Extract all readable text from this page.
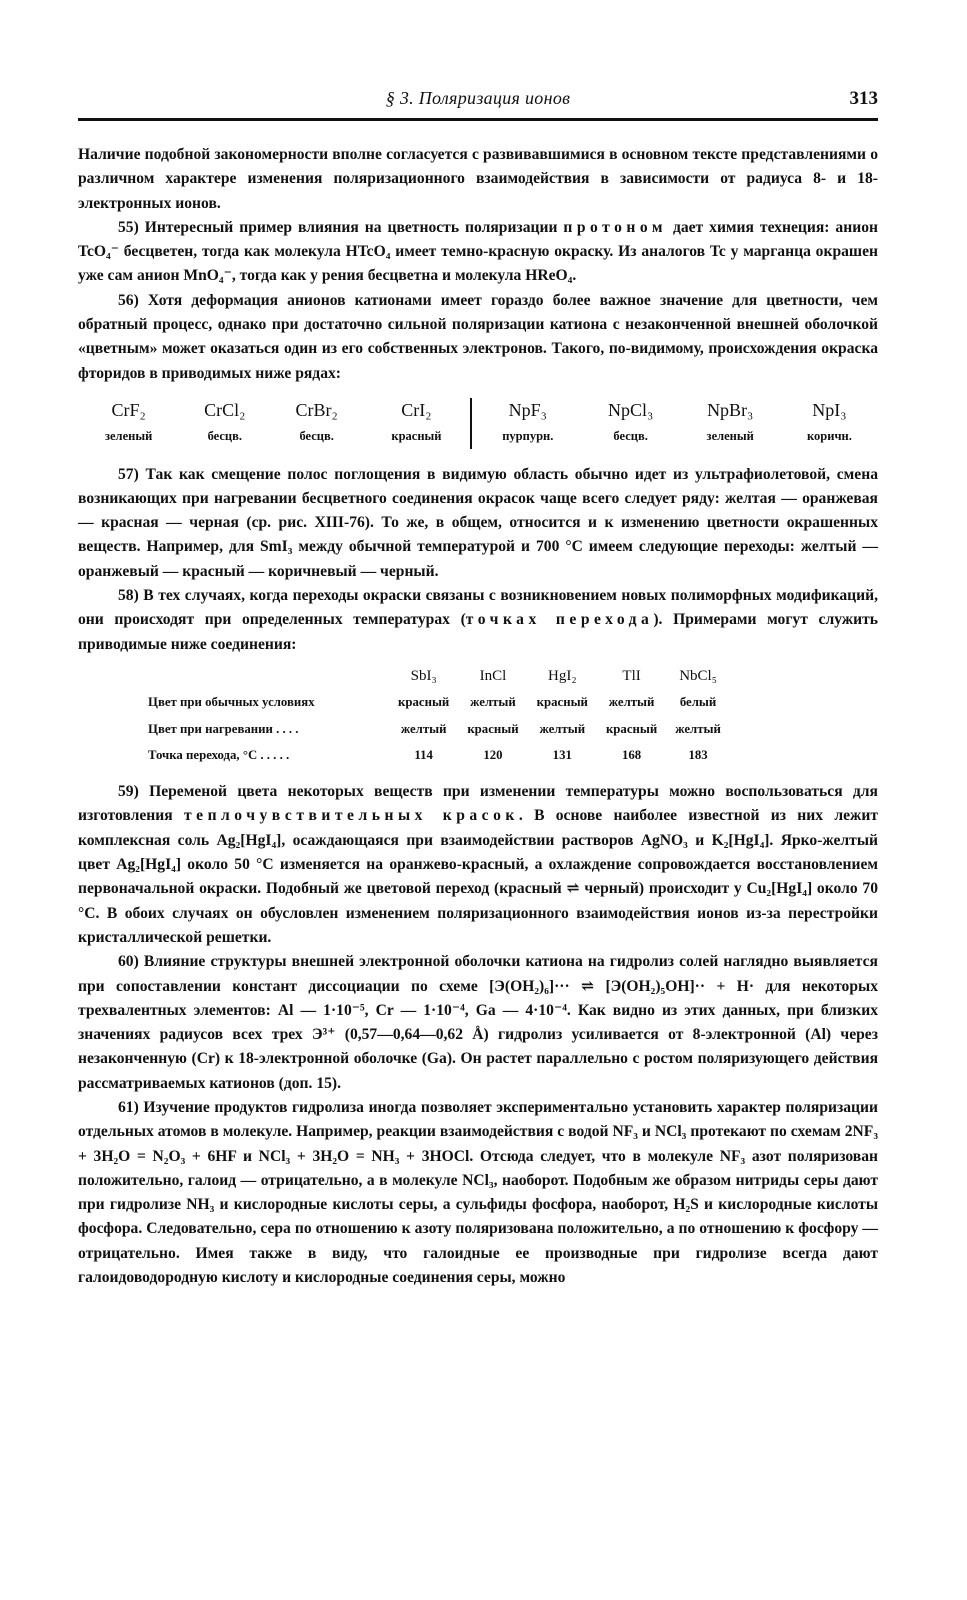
§ 3. Поляризация ионов	313

Наличие подобной закономерности вполне согласуется с развивавшимися в основном тексте представлениями о различном характере изменения поляризационного взаимодействия в зависимости от радиуса 8- и 18-электронных ионов.

55) Интересный пример влияния на цветность поляризации протоном дает химия технеция: анион TcO₄⁻ бесцветен, тогда как молекула HTcO₄ имеет темно-красную окраску. Из аналогов Tc у марганца окрашен уже сам анион MnO₄⁻, тогда как у рения бесцветна и молекула HReO₄.

56) Хотя деформация анионов катионами имеет гораздо более важное значение для цветности, чем обратный процесс, однако при достаточно сильной поляризации катиона с незаконченной внешней оболочкой «цветным» может оказаться один из его собственных электронов. Такого, по-видимому, происхождения окраска фторидов в приводимых ниже рядах:

CrF₂	CrCl₂	CrBr₂	CrI₂		NpF₃	NpCl₃	NpBr₃	NpI₃
зеленый	бесцв.	бесцв.	красный		пурпурн.	бесцв.	зеленый	коричн.

57) Так как смещение полос поглощения в видимую область обычно идет из ультрафиолетовой, смена возникающих при нагревании бесцветного соединения окрасок чаще всего следует ряду: желтая — оранжевая — красная — черная (ср. рис. XIII-76). То же, в общем, относится и к изменению цветности окрашенных веществ. Например, для SmI₃ между обычной температурой и 700 °С имеем следующие переходы: желтый — оранжевый — красный — коричневый — черный.

58) В тех случаях, когда переходы окраски связаны с возникновением новых полиморфных модификаций, они происходят при определенных температурах (точках перехода). Примерами могут служить приводимые ниже соединения:

	SbI₃	InCl	HgI₂	TlI	NbCl₅
Цвет при обычных условиях	красный	желтый	красный	желтый	белый
Цвет при нагревании . . . .	желтый	красный	желтый	красный	желтый
Точка перехода, °С . . . . .	114	120	131	168	183

59) Переменой цвета некоторых веществ при изменении температуры можно воспользоваться для изготовления теплочувствительных красок. В основе наиболее известной из них лежит комплексная соль Ag₂[HgI₄], осаждающаяся при взаимодействии растворов AgNO₃ и K₂[HgI₄]. Ярко-желтый цвет Ag₂[HgI₄] около 50 °С изменяется на оранжево-красный, а охлаждение сопровождается восстановлением первоначальной окраски. Подобный же цветовой переход (красный ⇌ черный) происходит у Cu₂[HgI₄] около 70 °С. В обоих случаях он обусловлен изменением поляризационного взаимодействия ионов из-за перестройки кристаллической решетки.

60) Влияние структуры внешней электронной оболочки катиона на гидролиз солей наглядно выявляется при сопоставлении констант диссоциации по схеме [Э(OH₂)₆]··· ⇌ [Э(OH₂)₅OH]·· + H· для некоторых трехвалентных элементов: Al — 1·10⁻⁵, Cr — 1·10⁻⁴, Ga — 4·10⁻⁴. Как видно из этих данных, при близких значениях радиусов всех трех Э³⁺ (0,57—0,64—0,62 Å) гидролиз усиливается от 8-электронной (Al) через незаконченную (Cr) к 18-электронной оболочке (Ga). Он растет параллельно с ростом поляризующего действия рассматриваемых катионов (доп. 15).

61) Изучение продуктов гидролиза иногда позволяет экспериментально установить характер поляризации отдельных атомов в молекуле. Например, реакции взаимодействия с водой NF₃ и NCl₃ протекают по схемам 2NF₃ + 3H₂O = N₂O₃ + 6HF и NCl₃ + 3H₂O = NH₃ + 3HOCl. Отсюда следует, что в молекуле NF₃ азот поляризован положительно, галоид — отрицательно, а в молекуле NCl₃, наоборот. Подобным же образом нитриды серы дают при гидролизе NH₃ и кислородные кислоты серы, а сульфиды фосфора, наоборот, H₂S и кислородные кислоты фосфора. Следовательно, сера по отношению к азоту поляризована положительно, а по отношению к фосфору — отрицательно. Имея также в виду, что галоидные ее производные при гидролизе всегда дают галоидоводородную кислоту и кислородные соединения серы, можно
